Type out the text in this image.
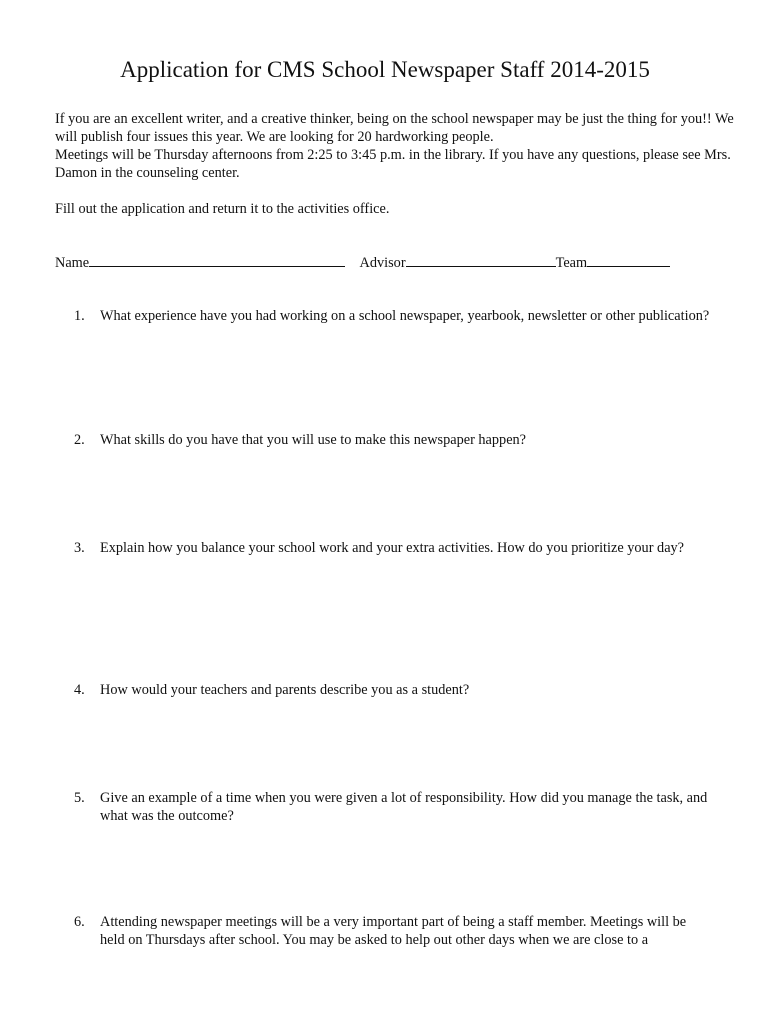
Application for CMS School Newspaper Staff 2014-2015

If you are an excellent writer, and a creative thinker, being on the school newspaper may be just the thing for you!! We will publish four issues this year. We are looking for 20 hardworking people.

Meetings will be Thursday afternoons from 2:25 to 3:45 p.m. in the library. If you have any questions, please see Mrs. Damon in the counseling center.

Fill out the application and return it to the activities office.
Name	Advisor	Team
1.	What experience have you had working on a school newspaper, yearbook, newsletter or other publication?
2.	What skills do you have that you will use to make this newspaper happen?
3.	Explain how you balance your school work and your extra activities. How do you prioritize your day?
4.	How would your teachers and parents describe you as a student?
5.	Give an example of a time when you were given a lot of responsibility. How did you manage the task, and what was the outcome?
6.	Attending newspaper meetings will be a very important part of being a staff member. Meetings will be held on Thursdays after school. You may be asked to help out other days when we are close to a
